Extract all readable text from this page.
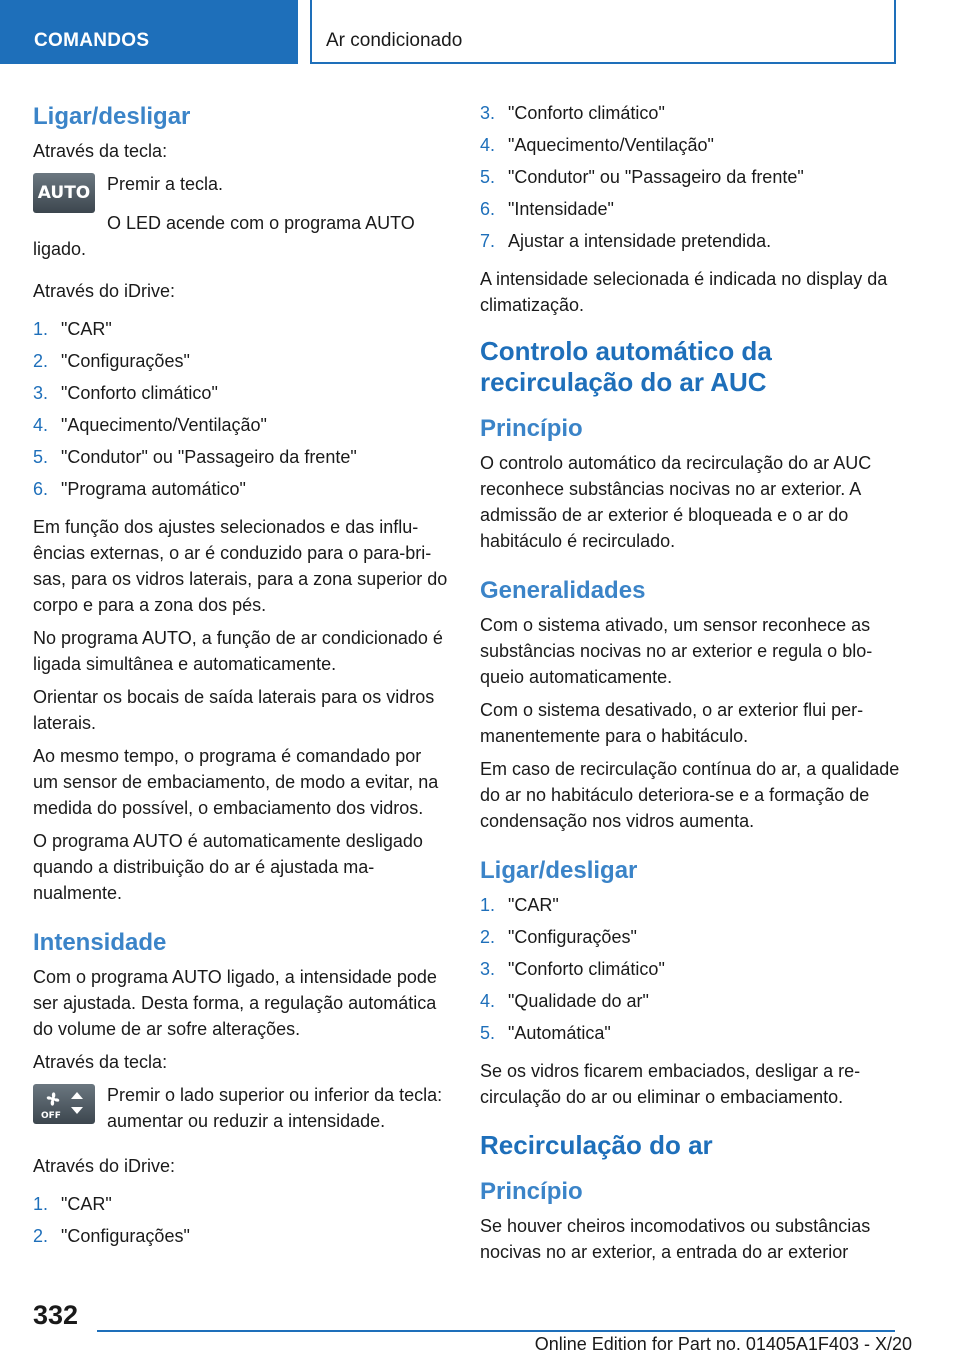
COMANDOS	Ar condicionado
Ligar/desligar

Através da tecla:

AUTO Premir a tecla.

O LED acende com o programa AUTO ligado.

Através do iDrive:

1. "CAR"
2. "Configurações"
3. "Conforto climático"
4. "Aquecimento/Ventilação"
5. "Condutor" ou "Passageiro da frente"
6. "Programa automático"

Em função dos ajustes selecionados e das influências externas, o ar é conduzido para o para-brisas, para os vidros laterais, para a zona superior do corpo e para a zona dos pés.

No programa AUTO, a função de ar condicionado é ligada simultânea e automaticamente.

Orientar os bocais de saída laterais para os vidros laterais.

Ao mesmo tempo, o programa é comandado por um sensor de embaciamento, de modo a evitar, na medida do possível, o embaciamento dos vidros.

O programa AUTO é automaticamente desligado quando a distribuição do ar é ajustada manualmente.

Intensidade

Com o programa AUTO ligado, a intensidade pode ser ajustada. Desta forma, a regulação automática do volume de ar sofre alterações.

Através da tecla:

OFF

Premir o lado superior ou inferior da tecla: aumentar ou reduzir a intensidade.

Através do iDrive:

1. "CAR"
2. "Configurações"
3. "Conforto climático"
4. "Aquecimento/Ventilação"
5. "Condutor" ou "Passageiro da frente"
6. "Intensidade"
7. Ajustar a intensidade pretendida.

A intensidade selecionada é indicada no display da climatização.

Controlo automático da recirculação do ar AUC
Princípio

O controlo automático da recirculação do ar AUC reconhece substâncias nocivas no ar exterior. A admissão de ar exterior é bloqueada e o ar do habitáculo é recirculado.

Generalidades

Com o sistema ativado, um sensor reconhece as substâncias nocivas no ar exterior e regula o bloqueio automaticamente.

Com o sistema desativado, o ar exterior flui permanentemente para o habitáculo.

Em caso de recirculação contínua do ar, a qualidade do ar no habitáculo deteriora-se e a formação de condensação nos vidros aumenta.

Ligar/desligar
1. "CAR"
2. "Configurações"
3. "Conforto climático"
4. "Qualidade do ar"
5. "Automática"

Se os vidros ficarem embaciados, desligar a recirculação do ar ou eliminar o embaciamento.

Recirculação do ar
Princípio

Se houver cheiros incomodativos ou substâncias nocivas no ar exterior, a entrada do ar exterior

332
Online Edition for Part no. 01405A1F403 - X/20
